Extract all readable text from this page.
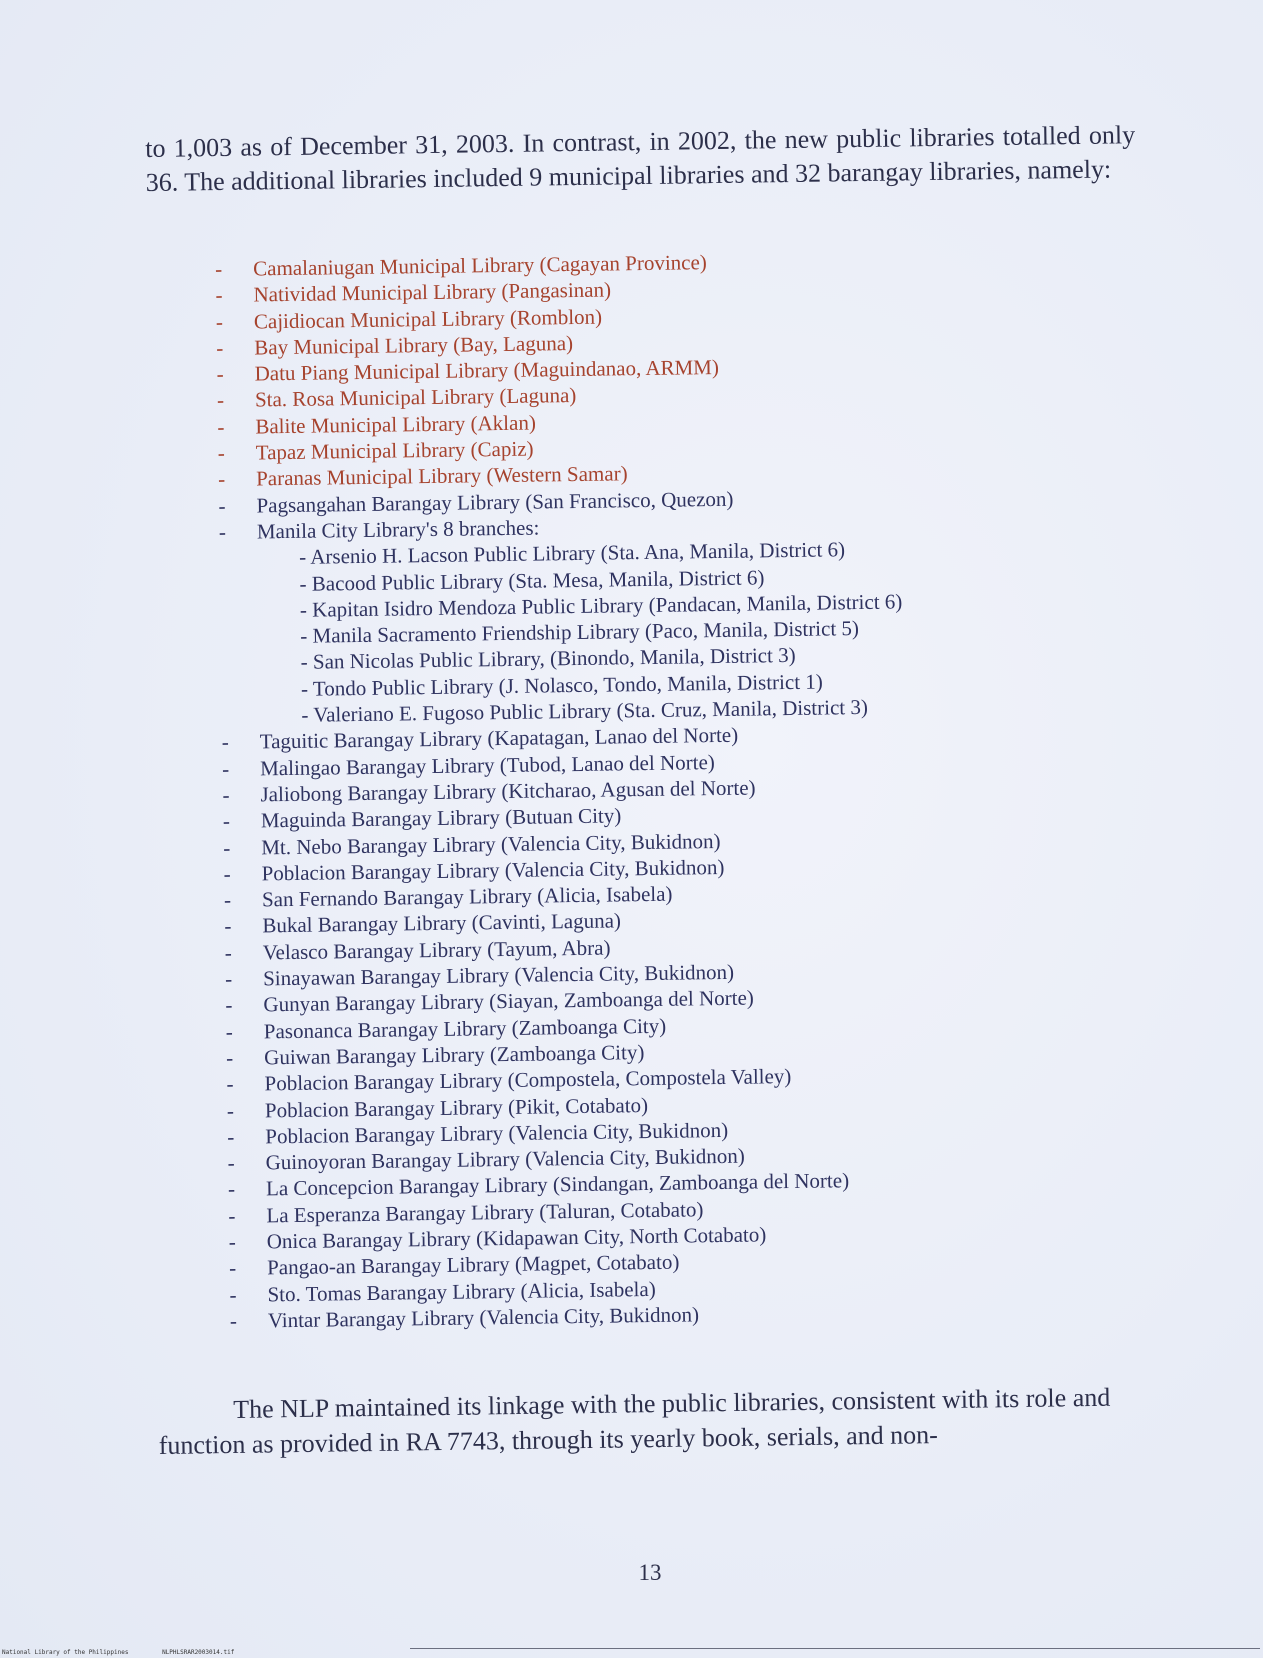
to 1,003 as of December 31, 2003. In contrast, in 2002, the new public libraries totalled only 36. The additional libraries included 9 municipal libraries and 32 barangay libraries, namely:

- Camalaniugan Municipal Library (Cagayan Province)
- Natividad Municipal Library (Pangasinan)
- Cajidiocan Municipal Library (Romblon)
- Bay Municipal Library (Bay, Laguna)
- Datu Piang Municipal Library (Maguindanao, ARMM)
- Sta. Rosa Municipal Library (Laguna)
- Balite Municipal Library (Aklan)
- Tapaz Municipal Library (Capiz)
- Paranas Municipal Library (Western Samar)
- Pagsangahan Barangay Library (San Francisco, Quezon)
- Manila City Library's 8 branches:
- Arsenio H. Lacson Public Library (Sta. Ana, Manila, District 6)
- Bacood Public Library (Sta. Mesa, Manila, District 6)
- Kapitan Isidro Mendoza Public Library (Pandacan, Manila, District 6)
- Manila Sacramento Friendship Library (Paco, Manila, District 5)
- San Nicolas Public Library, (Binondo, Manila, District 3)
- Tondo Public Library (J. Nolasco, Tondo, Manila, District 1)
- Valeriano E. Fugoso Public Library (Sta. Cruz, Manila, District 3)
- Taguitic Barangay Library (Kapatagan, Lanao del Norte)
- Malingao Barangay Library (Tubod, Lanao del Norte)
- Jaliobong Barangay Library (Kitcharao, Agusan del Norte)
- Maguinda Barangay Library (Butuan City)
- Mt. Nebo Barangay Library (Valencia City, Bukidnon)
- Poblacion Barangay Library (Valencia City, Bukidnon)
- San Fernando Barangay Library (Alicia, Isabela)
- Bukal Barangay Library (Cavinti, Laguna)
- Velasco Barangay Library (Tayum, Abra)
- Sinayawan Barangay Library (Valencia City, Bukidnon)
- Gunyan Barangay Library (Siayan, Zamboanga del Norte)
- Pasonanca Barangay Library (Zamboanga City)
- Guiwan Barangay Library (Zamboanga City)
- Poblacion Barangay Library (Compostela, Compostela Valley)
- Poblacion Barangay Library (Pikit, Cotabato)
- Poblacion Barangay Library (Valencia City, Bukidnon)
- Guinoyoran Barangay Library (Valencia City, Bukidnon)
- La Concepcion Barangay Library (Sindangan, Zamboanga del Norte)
- La Esperanza Barangay Library (Taluran, Cotabato)
- Onica Barangay Library (Kidapawan City, North Cotabato)
- Pangao-an Barangay Library (Magpet, Cotabato)
- Sto. Tomas Barangay Library (Alicia, Isabela)
- Vintar Barangay Library (Valencia City, Bukidnon)

The NLP maintained its linkage with the public libraries, consistent with its role and function as provided in RA 7743, through its yearly book, serials, and non-

13
National Library of the Philippines	NLPHLSRAR2003014.tif
